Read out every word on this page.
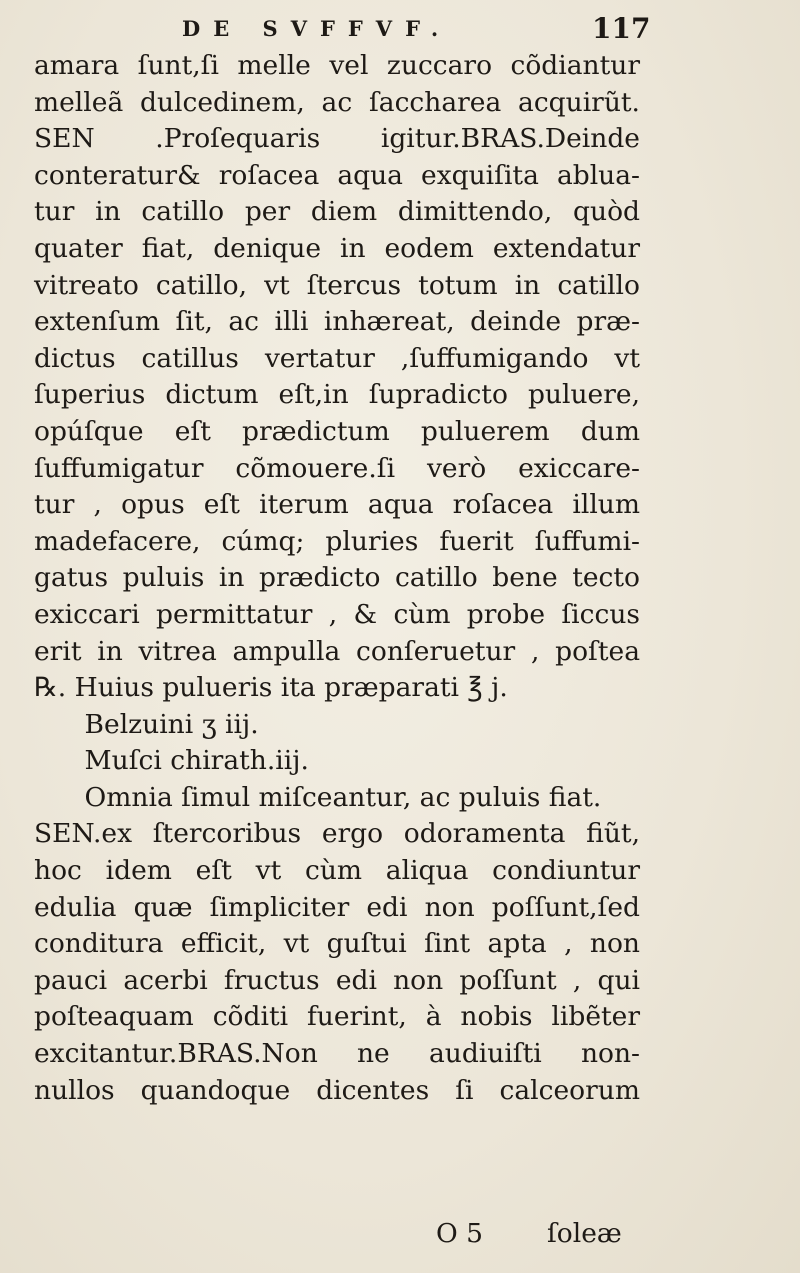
DE SVFFVF.	117
amara ſunt,ſi melle vel zuccaro cõdiantur
melleã dulcedinem, ac ſaccharea acquirũt.
SEN .Proſequaris igitur.BRAS.Deinde
conteratur& roſacea aqua exquiſita ablua-
tur in catillo per diem dimittendo, quòd
quater fiat, denique in eodem extendatur
vitreato catillo, vt ſtercus totum in catillo
extenſum ſit, ac illi inhæreat, deinde præ-
dictus catillus vertatur ,ſuffumigando vt
ſuperius dictum eſt,in ſupradicto puluere,
opúſque eſt prædictum puluerem dum
ſuffumigatur cõmouere.ſi verò exiccare-
tur , opus eſt iterum aqua roſacea illum
madefacere, cúmq; pluries fuerit ſuffumi-
gatus puluis in prædicto catillo bene tecto
exiccari permittatur , & cùm probe ſiccus
erit in vitrea ampulla conſeruetur , poſtea
℞. Huius pulueris ita præparati ℥ j.
Belzuini ʒ iij.
Muſci chirath.iij.
Omnia ſimul miſceantur, ac puluis fiat.
SEN.ex ſtercoribus ergo odoramenta fiũt,
hoc idem eſt vt cùm aliqua condiuntur
edulia quæ ſimpliciter edi non poſſunt,ſed
conditura efficit, vt guſtui ſint apta , non
pauci acerbi fructus edi non poſſunt , qui
poſteaquam cõditi fuerint, à nobis libẽter
excitantur.BRAS.Non ne audiuiſti non-
nullos quandoque dicentes ſi calceorum
O 5 ſoleæ
